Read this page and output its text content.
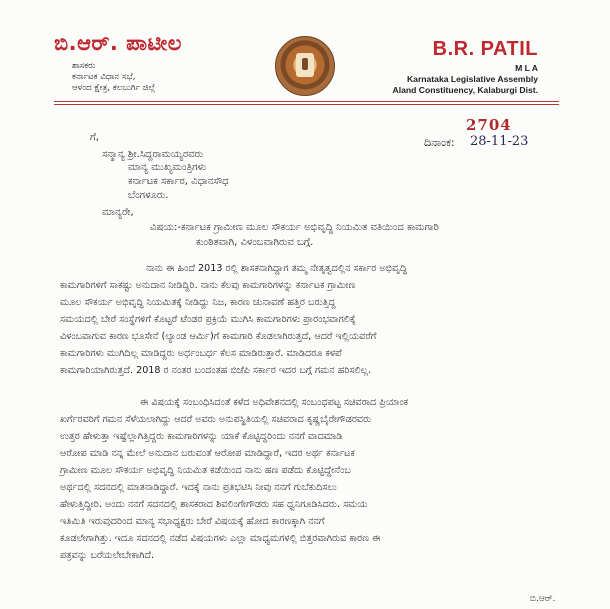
ಬಿ.ಆರ್. ಪಾಟೀಲ
ಶಾಸಕರು
ಕರ್ನಾಟಕ ವಿಧಾನ ಸಭೆ,
ಆಳಂದ ಕ್ಷೇತ್ರ, ಕಲಬುರ್ಗಿ ಜಿಲ್ಲೆ
B.R. PATIL
M L A
Karnataka Legislative Assembly
Aland Constituency, Kalaburgi Dist.
2704
ದಿನಾಂಕ: 28-11-23
ಗೆ,
ಸನ್ಮಾನ್ಯ ಶ್ರೀ.ಸಿದ್ದರಾಮಯ್ಯರವರು
ಮಾನ್ಯ ಮುಖ್ಯಮಂತ್ರಿಗಳು
ಕರ್ನಾಟಕ ಸರ್ಕಾರ, ವಿಧಾನಸೌಧ
ಬೆಂಗಳೂರು.
ಮಾನ್ಯರೇ,
ವಿಷಯ:-ಕರ್ನಾಟಕ ಗ್ರಾಮೀಣ ಮೂಲ ಸೌಕರ್ಯ ಅಭಿವೃದ್ಧಿ ನಿಯಮಿತ ವತಿಯಿಂದ ಕಾಮಗಾರಿ
ಕುಂಠಿತವಾಗಿ, ವಿಳಂಬವಾಗಿರುವ ಬಗ್ಗೆ.
ನಾನು ಈ ಹಿಂದೆ 2013 ರಲ್ಲಿ ಶಾಸಕನಾಗಿದ್ದಾಗ ತಮ್ಮ ನೇತೃತ್ವದಲ್ಲಿನ ಸರ್ಕಾರ ಅಭಿವೃದ್ಧಿ
ಕಾಮಗಾರಿಗಳಿಗೆ ಸಾಕಷ್ಟು ಅನುದಾನ ನೀಡಿದ್ದಿರಿ. ನಾನು ಕೆಲವು ಕಾಮಗಾರಿಗಳನ್ನು ಕರ್ನಾಟಕ ಗ್ರಾಮೀಣ
ಮೂಲ ಸೌಕರ್ಯ ಅಭಿವೃದ್ಧಿ ನಿಯಮಿತಕ್ಕೆ ನೀಡಿದ್ದು ನಿಜ, ಕಾರಣ ಚುನಾವಣೆ ಹತ್ತಿರ ಬರುತ್ತಿದ್ದ
ಸಮಯದಲ್ಲಿ ಬೇರೆ ಸಂಸ್ಥೆಗಳಿಗೆ ಕೊಟ್ಟರೆ ಟೆಂಡರ ಪ್ರಕ್ರಿಯೆ ಮುಗಿಸಿ ಕಾಮಗಾರಿಗಳು ಪ್ರಾರಂಭವಾಗಲಿಕ್ಕೆ
ವಿಳಂಬವಾಗುವ ಕಾರಣ ಭೂಸೇನೆ (ಲ್ಯಾಂಡ ಆರ್ಮಿ)ಗೆ ಕಾಮಗಾರಿ ಕೊಡಲಾಗಿರುತ್ತದೆ, ಆದರೆ ಇಲ್ಲಿಯವರೆಗೆ
ಕಾಮಗಾರಿಗಳು ಮುಗಿದಿಲ್ಲ ಮಾಡಿದ್ದರು ಅರ್ಧಂಬರ್ಧ ಕೆಲಸ ಮಾಡಿರುತ್ತಾರೆ. ಮಾಡಿದರೂ ಕಳಪೆ
ಕಾಮಗಾರಿಯಾಗಿರುತ್ತದೆ. 2018 ರ ನಂತರ ಬಂದಂತಹ ಬಿಜೆಪಿ ಸರ್ಕಾರ ಇದರ ಬಗ್ಗೆ ಗಮನ ಹರಿಸಲಿಲ್ಲ.
ಈ ವಿಷಯಕ್ಕೆ ಸಂಬಂಧಿಸಿದಂತೆ ಕಳೆದ ಅಧಿವೇಶನದಲ್ಲಿ ಸಂಬಂಧಪಟ್ಟ ಸಚಿವರಾದ ಪ್ರಿಯಾಂಕ
ಖರ್ಗೆರವರಿಗೆ ಗಮನ ಸೆಳೆಯಲಾಗಿದ್ದು ಆದರೆ ಅವರು ಅನುಪಸ್ಥಿತಿಯಲ್ಲಿ ಸಚಿವರಾದ ಕೃಷ್ಣಬೈರೇಗೌಡರವರು
ಉತ್ತರ ಹೇಳುತ್ತಾ ಇಷ್ಟೆಲ್ಲಾಗಿತ್ತಿದ್ದರು ಕಾಮಗಾರಿಗಳನ್ನು ಯಾಕೆ ಕೊಟ್ಟಿದ್ದರಿಂದು ನನಗೆ ವಾದಮಾಡಿ
ಆರೋಪ ಮಾಡಿ ನನ್ನ ಮೇಲೆ ಅನುದಾನ ಬರುವಂತೆ ಆರೋಪ ಮಾಡಿದ್ದಾರೆ, ಇದರ ಅರ್ಥ ಕರ್ನಾಟಕ
ಗ್ರಾಮೀಣ ಮೂಲ ಸೌಕರ್ಯ ಅಭಿವೃದ್ಧಿ ನಿಯಮಿತ ಕಡೆಯಿಂದ ನಾನು ಹಣ ಪಡೆದು ಕೊಟ್ಟಿದ್ದೇನೆಂಬ
ಅರ್ಥದಲ್ಲಿ ಸದನದಲ್ಲಿ ಮಾತನಾಡಿದ್ದಾರೆ. ಇದಕ್ಕೆ ನಾನು ಪ್ರತಿಭಟಿಸಿ ನೀವು ನನಗೆ ಗುಬೆಕುದಿಸಲು
ಹೇಳುತ್ತಿದ್ದೀರಿ. ಅಂದು ನನಗೆ ಸದನದಲ್ಲಿ ಶಾಸಕರಾದ ಶಿವಲಿಂಗೇಗೌಡರು ಸಹ ಧ್ವನಿಗೂಡಿಸಿದರು. ಸಮಯ
ಇತಿಮಿತಿ ಇರುವುದರಿಂದ ಮಾನ್ಯ ಸಭಾಧ್ಯಕ್ಷರು ಬೇರೆ ವಿಷಯಕ್ಕೆ ಹೋದ ಕಾರಣಕ್ಕಾಗಿ ನನಗೆ
ಕೂಡಲೇಗಾಗಿತ್ತು. ಇದೂ ಸದನದಲ್ಲಿ ನಡೆದ ವಿಷಯಗಳು ಎಲ್ಲಾ ಮಾಧ್ಯಮಗಳಲ್ಲಿ ಬಿತ್ತರವಾಗಿರುವ ಕಾರಣ ಈ
ಪತ್ರವನ್ನು ಬರೆಯಲೇಬೇಕಾಗಿದೆ.
ಬಿ.ಆರ್.
